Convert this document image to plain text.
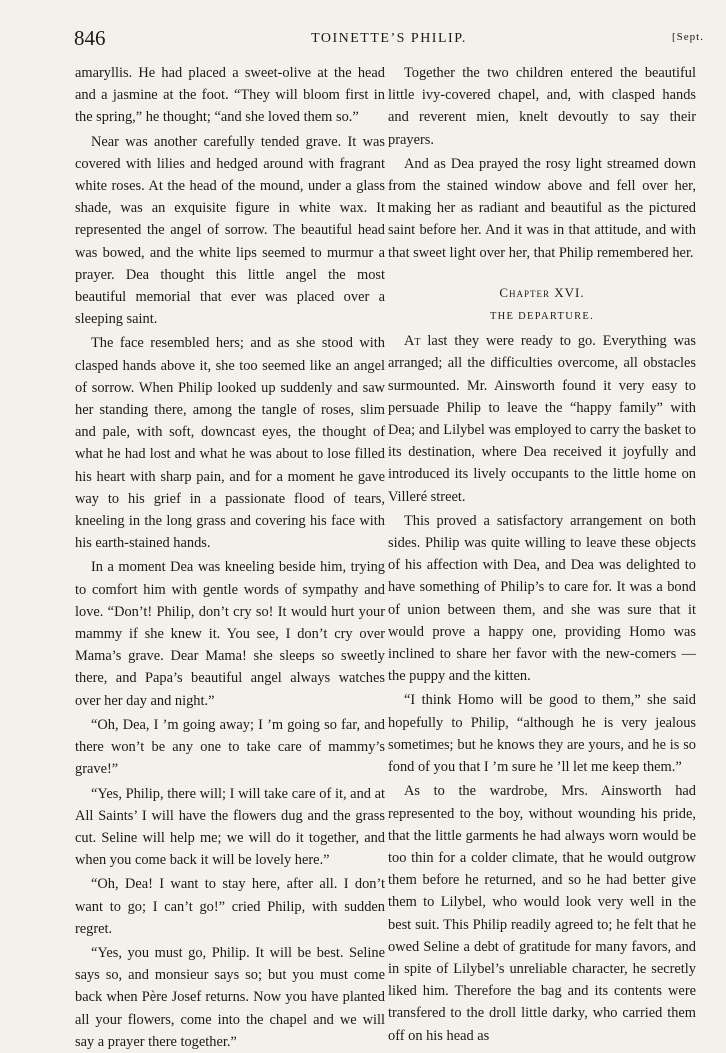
846	TOINETTE’S PHILIP.	[Sept.

amaryllis. He had placed a sweet-olive at the head and a jasmine at the foot. “They will bloom first in the spring,” he thought; “and she loved them so.”

Near was another carefully tended grave. It was covered with lilies and hedged around with fragrant white roses. At the head of the mound, under a glass shade, was an exquisite figure in white wax. It represented the angel of sorrow. The beautiful head was bowed, and the white lips seemed to murmur a prayer. Dea thought this little angel the most beautiful memorial that ever was placed over a sleeping saint.

The face resembled hers; and as she stood with clasped hands above it, she too seemed like an angel of sorrow. When Philip looked up suddenly and saw her standing there, among the tangle of roses, slim and pale, with soft, downcast eyes, the thought of what he had lost and what he was about to lose filled his heart with sharp pain, and for a moment he gave way to his grief in a passionate flood of tears, kneeling in the long grass and covering his face with his earth-stained hands.

In a moment Dea was kneeling beside him, trying to comfort him with gentle words of sympathy and love. “Don’t! Philip, don’t cry so! It would hurt your mammy if she knew it. You see, I don’t cry over Mama’s grave. Dear Mama! she sleeps so sweetly there, and Papa’s beautiful angel always watches over her day and night.”

“Oh, Dea, I ’m going away; I ’m going so far, and there won’t be any one to take care of mammy’s grave!”

“Yes, Philip, there will; I will take care of it, and at All Saints’ I will have the flowers dug and the grass cut. Seline will help me; we will do it together, and when you come back it will be lovely here.”

“Oh, Dea! I want to stay here, after all. I don’t want to go; I can’t go!” cried Philip, with sudden regret.

“Yes, you must go, Philip. It will be best. Seline says so, and monsieur says so; but you must come back when Père Josef returns. Now you have planted all your flowers, come into the chapel and we will say a prayer there together.”

Together the two children entered the beautiful little ivy-covered chapel, and, with clasped hands and reverent mien, knelt devoutly to say their prayers.

And as Dea prayed the rosy light streamed down from the stained window above and fell over her, making her as radiant and beautiful as the pictured saint before her. And it was in that attitude, and with that sweet light over her, that Philip remembered her.

Chapter XVI.

THE DEPARTURE.

At last they were ready to go. Everything was arranged; all the difficulties overcome, all obstacles surmounted. Mr. Ainsworth found it very easy to persuade Philip to leave the “happy family” with Dea; and Lilybel was employed to carry the basket to its destination, where Dea received it joyfully and introduced its lively occupants to the little home on Villeré street.

This proved a satisfactory arrangement on both sides. Philip was quite willing to leave these objects of his affection with Dea, and Dea was delighted to have something of Philip’s to care for. It was a bond of union between them, and she was sure that it would prove a happy one, providing Homo was inclined to share her favor with the new-comers — the puppy and the kitten.

“I think Homo will be good to them,” she said hopefully to Philip, “although he is very jealous sometimes; but he knows they are yours, and he is so fond of you that I ’m sure he ’ll let me keep them.”

As to the wardrobe, Mrs. Ainsworth had represented to the boy, without wounding his pride, that the little garments he had always worn would be too thin for a colder climate, that he would outgrow them before he returned, and so he had better give them to Lilybel, who would look very well in the best suit. This Philip readily agreed to; he felt that he owed Seline a debt of gratitude for many favors, and in spite of Lilybel’s unreliable character, he secretly liked him. Therefore the bag and its contents were transfered to the droll little darky, who carried them off on his head as
